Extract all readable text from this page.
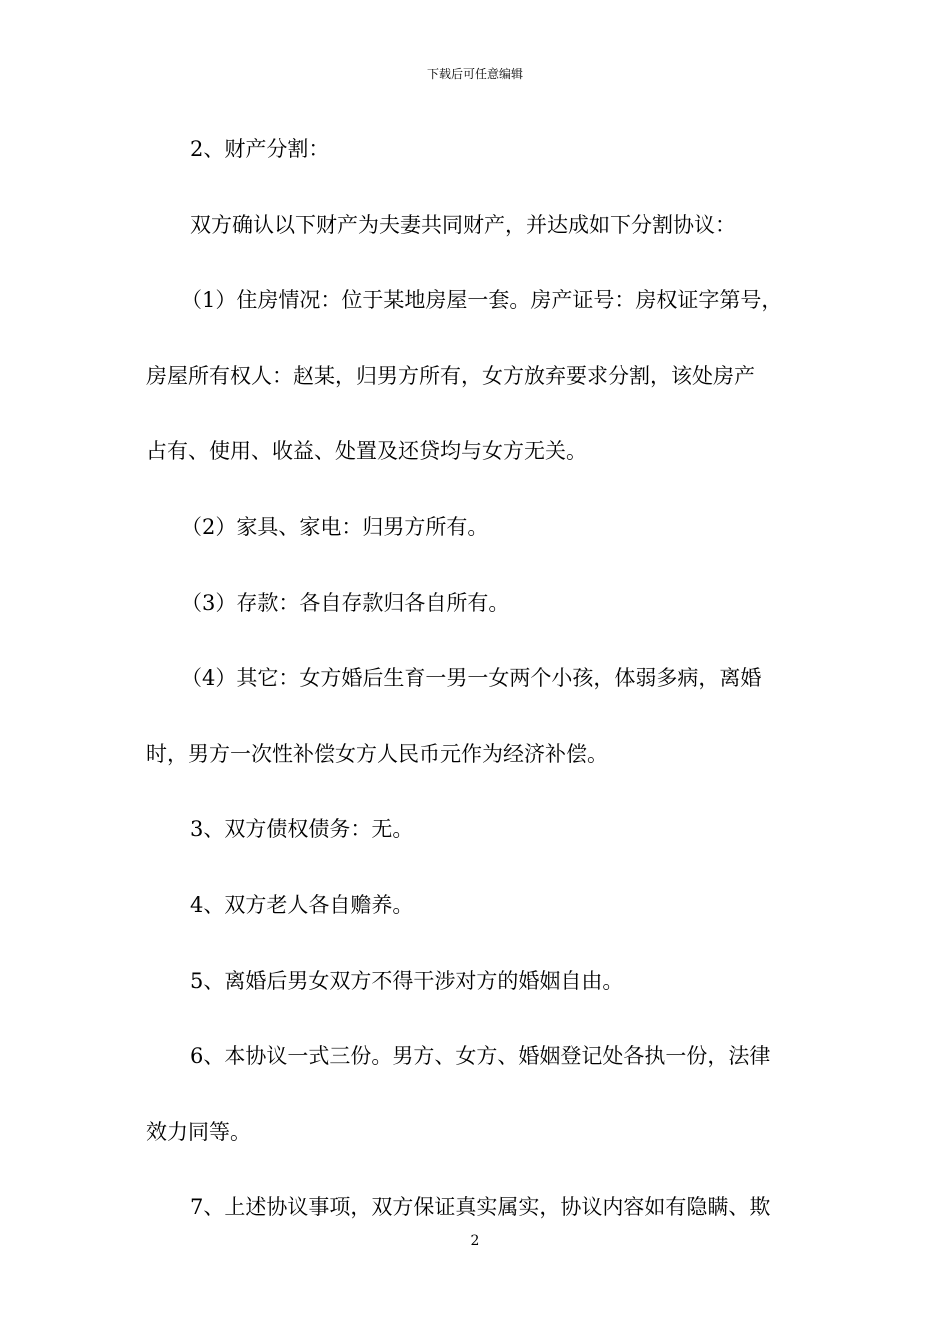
下载后可任意编辑
2、财产分割：
双方确认以下财产为夫妻共同财产，并达成如下分割协议：
（1）住房情况：位于某地房屋一套。房产证号：房权证字第号，
房屋所有权人：赵某，归男方所有，女方放弃要求分割，该处房产
占有、使用、收益、处置及还贷均与女方无关。
（2）家具、家电：归男方所有。
（3）存款：各自存款归各自所有。
（4）其它：女方婚后生育一男一女两个小孩，体弱多病，离婚
时，男方一次性补偿女方人民币元作为经济补偿。
3、双方债权债务：无。
4、双方老人各自赡养。
5、离婚后男女双方不得干涉对方的婚姻自由。
6、本协议一式三份。男方、女方、婚姻登记处各执一份，法律
效力同等。
7、上述协议事项，双方保证真实属实，协议内容如有隐瞒、欺
2
